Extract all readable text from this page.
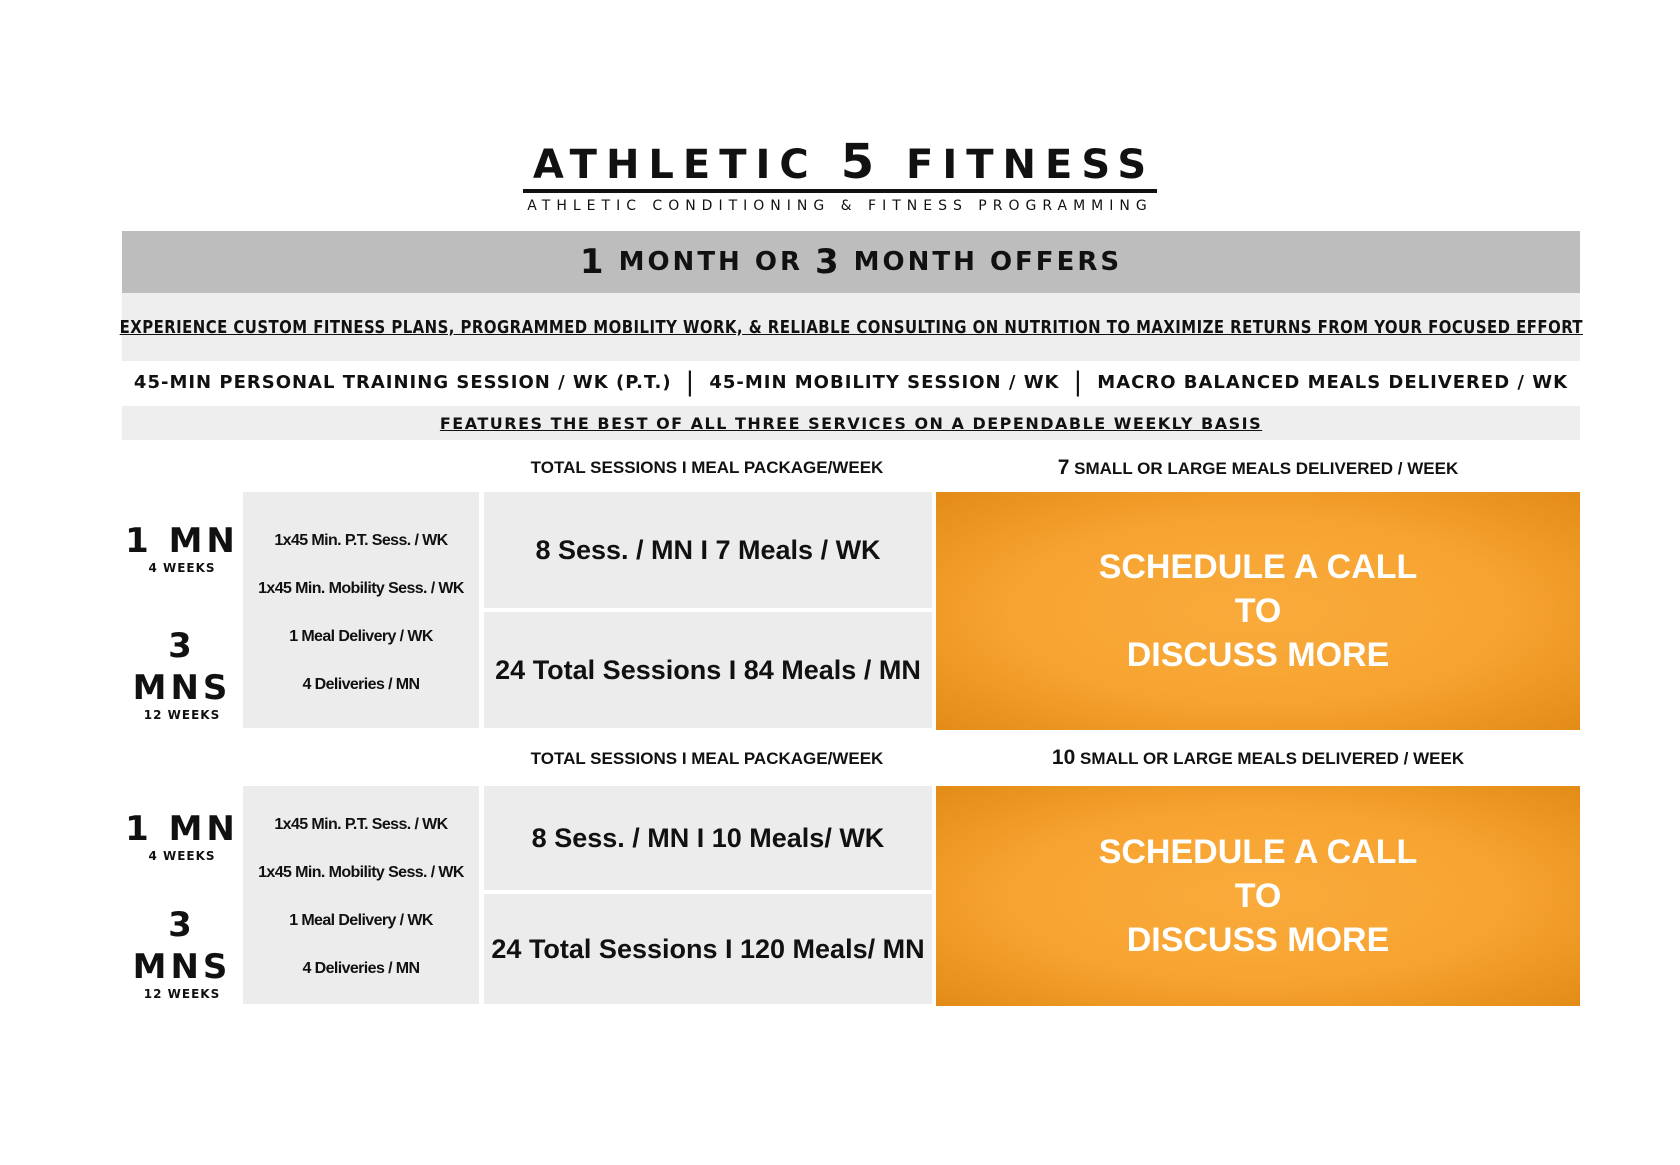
ATHLETIC 5 FITNESS
ATHLETIC CONDITIONING & FITNESS PROGRAMMING
1 MONTH OR 3 MONTH OFFERS
EXPERIENCE CUSTOM FITNESS PLANS, PROGRAMMED MOBILITY WORK, & RELIABLE CONSULTING ON NUTRITION TO MAXIMIZE RETURNS FROM YOUR FOCUSED EFFORT
45-MIN PERSONAL TRAINING SESSION / WK (P.T.) | 45-MIN MOBILITY SESSION / WK | MACRO BALANCED MEALS DELIVERED / WK
FEATURES THE BEST OF ALL THREE SERVICES ON A DEPENDABLE WEEKLY BASIS
TOTAL SESSIONS I MEAL PACKAGE/WEEK	7 SMALL OR LARGE MEALS DELIVERED / WEEK
1 MN
4 WEEKS
3
MNS
12 WEEKS
1x45 Min. P.T. Sess. / WK
1x45 Min. Mobility Sess. / WK
1 Meal Delivery / WK
4 Deliveries / MN
8 Sess. / MN I 7 Meals / WK
24 Total Sessions I 84 Meals / MN
SCHEDULE A CALL
TO
DISCUSS MORE
TOTAL SESSIONS I MEAL PACKAGE/WEEK	10 SMALL OR LARGE MEALS DELIVERED / WEEK
1 MN
4 WEEKS
3
MNS
12 WEEKS
1x45 Min. P.T. Sess. / WK
1x45 Min. Mobility Sess. / WK
1 Meal Delivery / WK
4 Deliveries / MN
8 Sess. / MN I 10 Meals/ WK
24 Total Sessions I 120 Meals/ MN
SCHEDULE A CALL
TO
DISCUSS MORE
